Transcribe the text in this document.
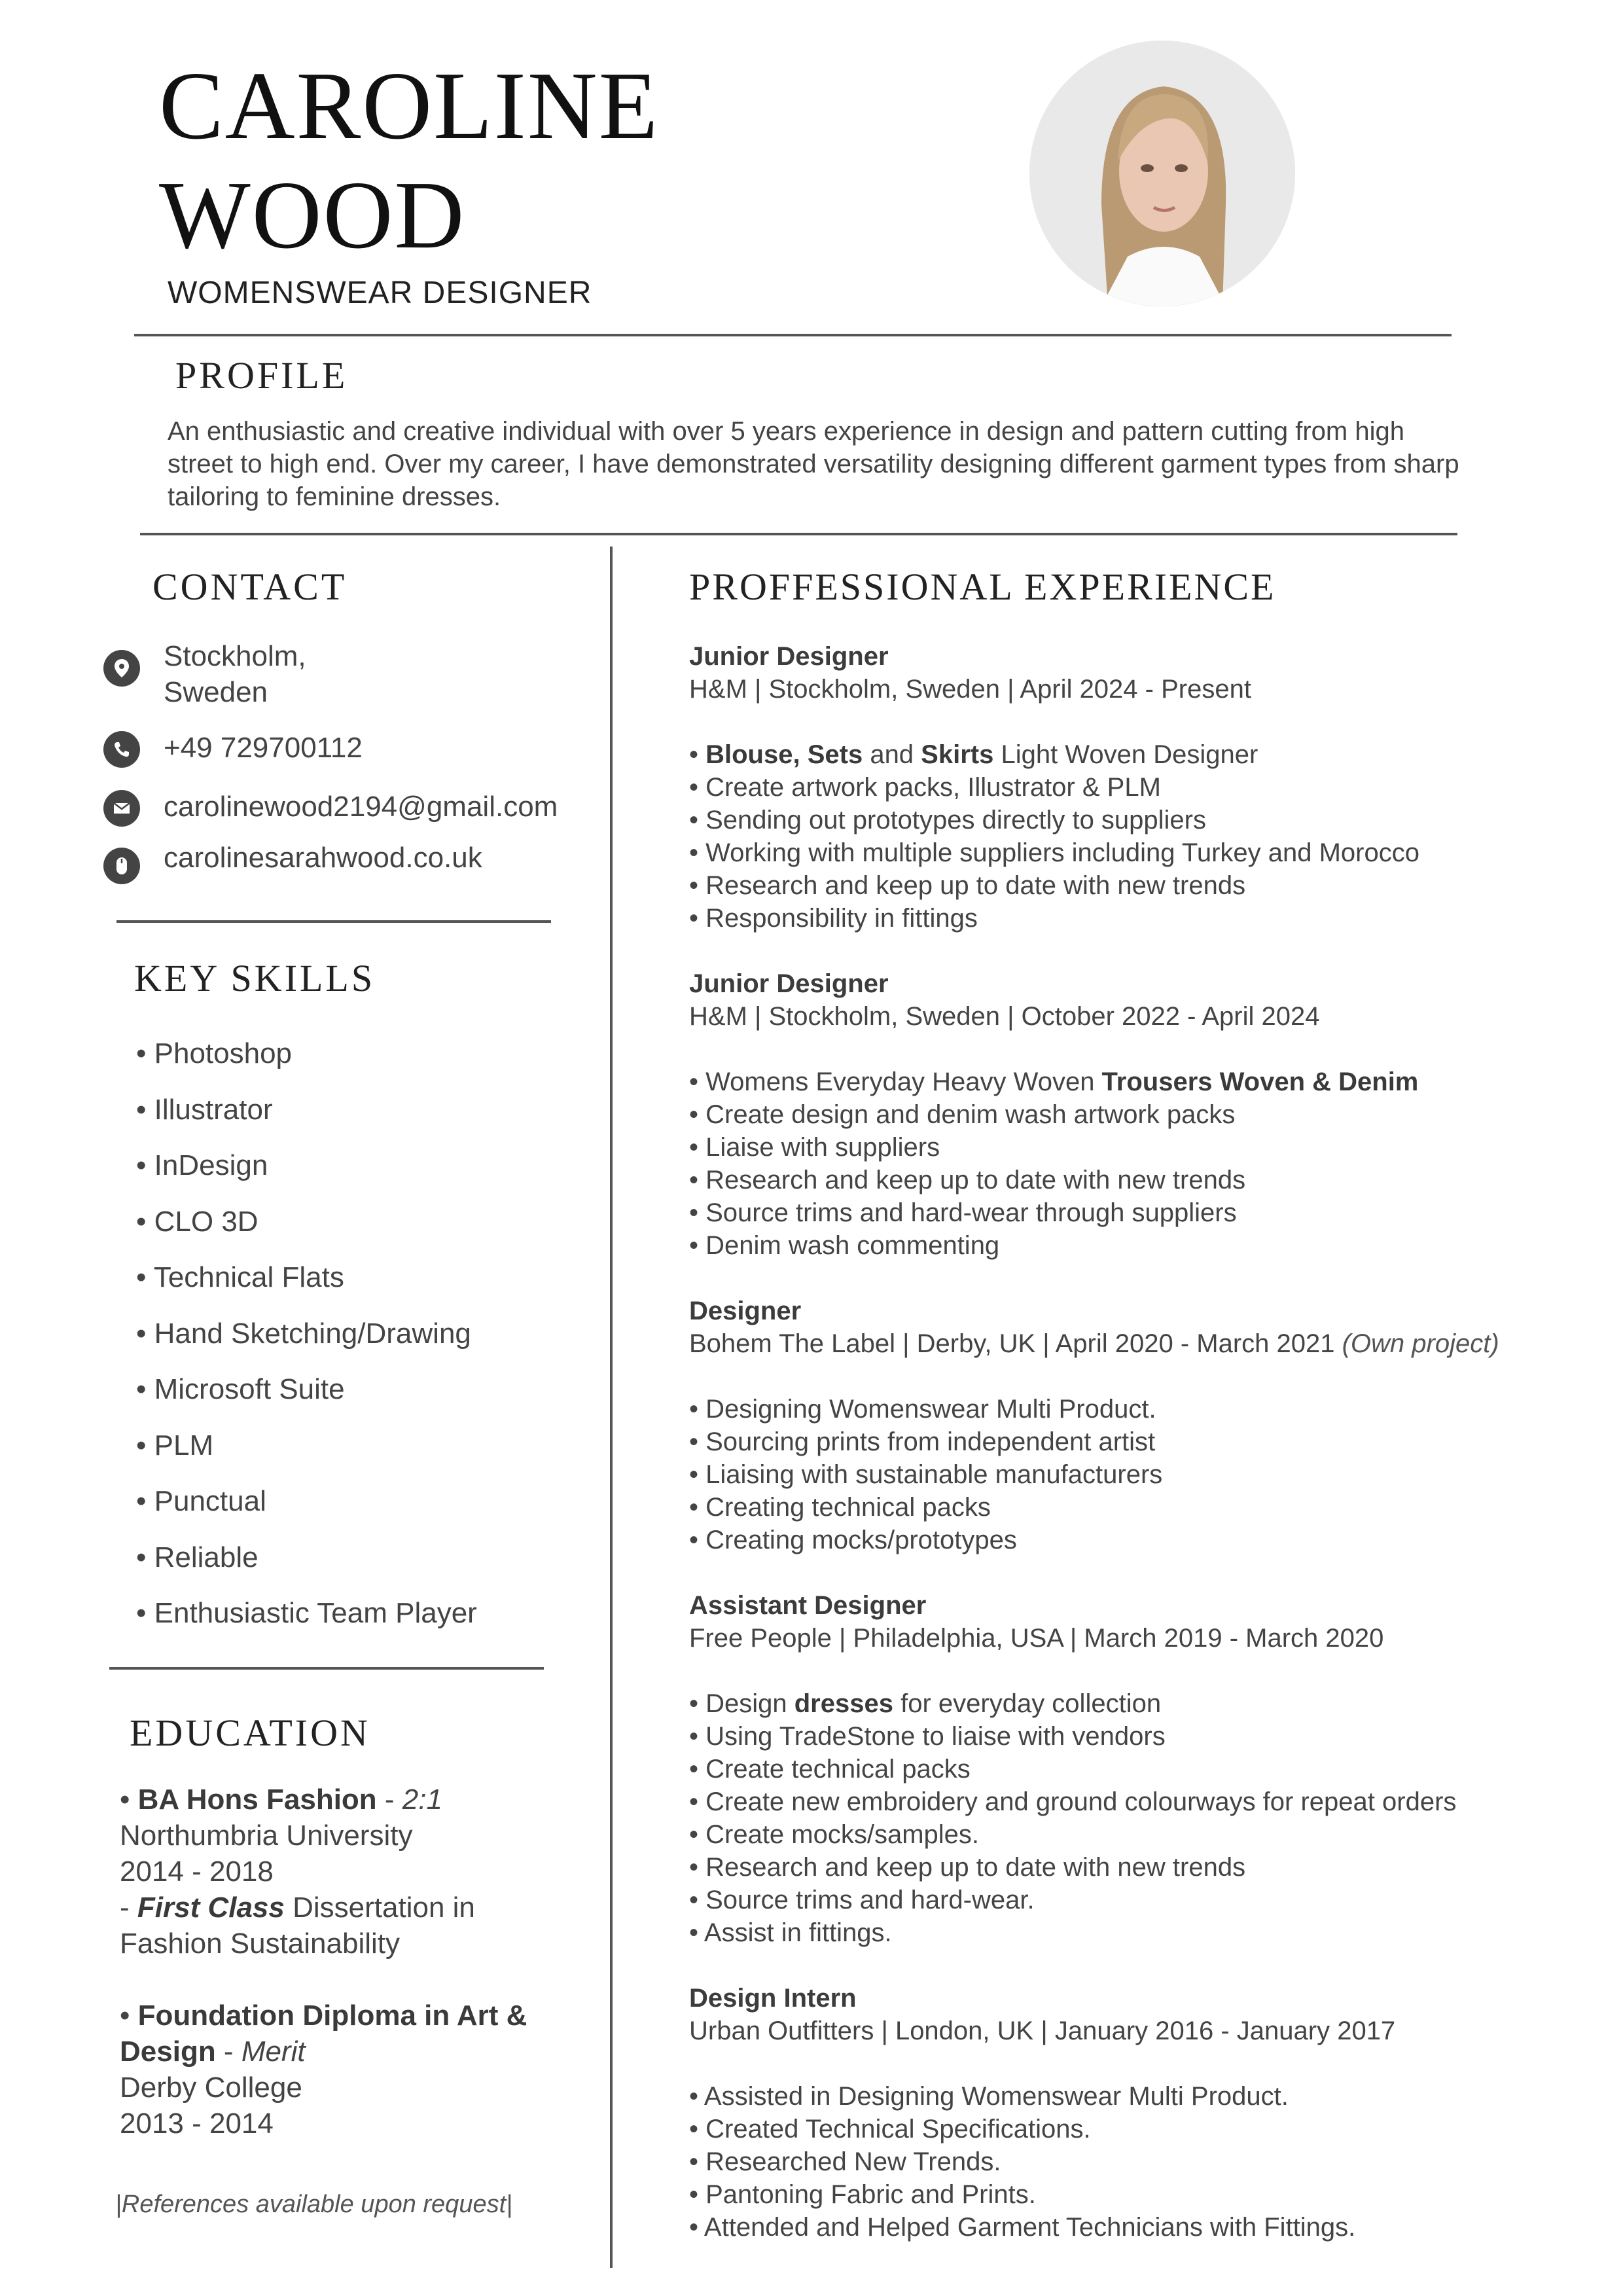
CAROLINE
WOOD
WOMENSWEAR DESIGNER
PROFILE
An enthusiastic and creative individual with over 5 years experience in design and pattern cutting from high street to high end. Over my career, I have demonstrated versatility designing different garment types from sharp tailoring to feminine dresses.
CONTACT
Stockholm,
Sweden
+49 729700112
carolinewood2194@gmail.com
carolinesarahwood.co.uk
KEY SKILLS
• Photoshop
• Illustrator
• InDesign
• CLO 3D
• Technical Flats
• Hand Sketching/Drawing
• Microsoft Suite
• PLM
• Punctual
• Reliable
• Enthusiastic Team Player
EDUCATION
• BA Hons Fashion - 2:1
Northumbria University
2014 - 2018
- First Class Dissertation in
Fashion Sustainability
• Foundation Diploma in Art &
Design - Merit
Derby College
2013 - 2014
|References available upon request|
PROFFESSIONAL EXPERIENCE
Junior Designer
H&M | Stockholm, Sweden | April 2024 - Present
• Blouse, Sets and Skirts Light Woven Designer
• Create artwork packs, Illustrator & PLM
• Sending out prototypes directly to suppliers
• Working with multiple suppliers including Turkey and Morocco
• Research and keep up to date with new trends
• Responsibility in fittings
Junior Designer
H&M | Stockholm, Sweden | October 2022 - April 2024
• Womens Everyday Heavy Woven Trousers Woven & Denim
• Create design and denim wash artwork packs
• Liaise with suppliers
• Research and keep up to date with new trends
• Source trims and hard-wear through suppliers
• Denim wash commenting
Designer
Bohem The Label | Derby, UK | April 2020 - March 2021 (Own project)
• Designing Womenswear Multi Product.
• Sourcing prints from independent artist
• Liaising with sustainable manufacturers
• Creating technical packs
• Creating mocks/prototypes
Assistant Designer
Free People | Philadelphia, USA | March 2019 - March 2020
• Design dresses for everyday collection
• Using TradeStone to liaise with vendors
• Create technical packs
• Create new embroidery and ground colourways for repeat orders
• Create mocks/samples.
• Research and keep up to date with new trends
• Source trims and hard-wear.
• Assist in fittings.
Design Intern
Urban Outfitters | London, UK | January 2016 - January 2017
• Assisted in Designing Womenswear Multi Product.
• Created Technical Specifications.
• Researched New Trends.
• Pantoning Fabric and Prints.
• Attended and Helped Garment Technicians with Fittings.
